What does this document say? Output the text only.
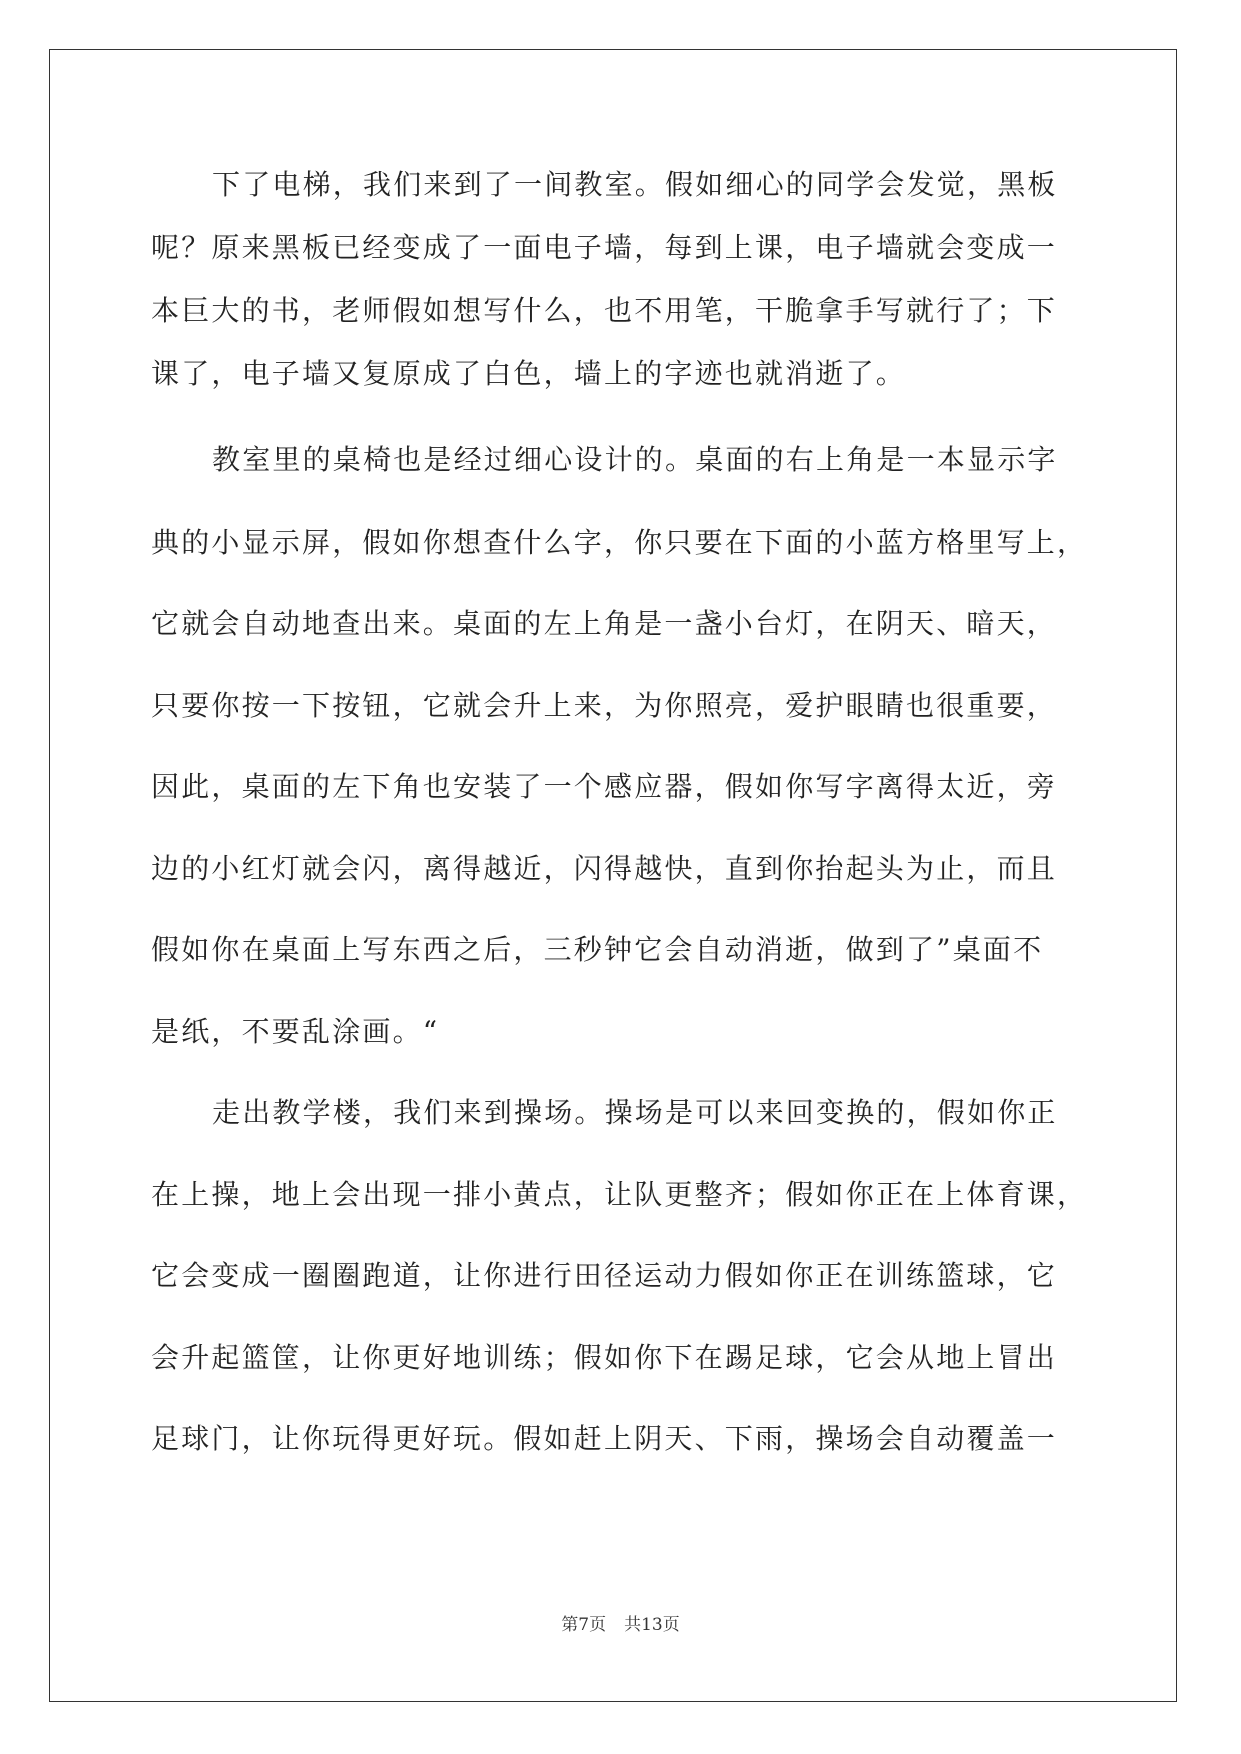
下了电梯，我们来到了一间教室。假如细心的同学会发觉，黑板
呢？原来黑板已经变成了一面电子墙，每到上课，电子墙就会变成一
本巨大的书，老师假如想写什么，也不用笔，干脆拿手写就行了；下
课了，电子墙又复原成了白色，墙上的字迹也就消逝了。
教室里的桌椅也是经过细心设计的。桌面的右上角是一本显示字
典的小显示屏，假如你想查什么字，你只要在下面的小蓝方格里写上，
它就会自动地查出来。桌面的左上角是一盏小台灯，在阴天、暗天，
只要你按一下按钮，它就会升上来，为你照亮，爱护眼睛也很重要，
因此，桌面的左下角也安装了一个感应器，假如你写字离得太近，旁
边的小红灯就会闪，离得越近，闪得越快，直到你抬起头为止，而且
假如你在桌面上写东西之后，三秒钟它会自动消逝，做到了”桌面不
是纸，不要乱涂画。“
走出教学楼，我们来到操场。操场是可以来回变换的，假如你正
在上操，地上会出现一排小黄点，让队更整齐；假如你正在上体育课，
它会变成一圈圈跑道，让你进行田径运动力假如你正在训练篮球，它
会升起篮筐，让你更好地训练；假如你下在踢足球，它会从地上冒出
足球门，让你玩得更好玩。假如赶上阴天、下雨，操场会自动覆盖一
第7页 共13页
